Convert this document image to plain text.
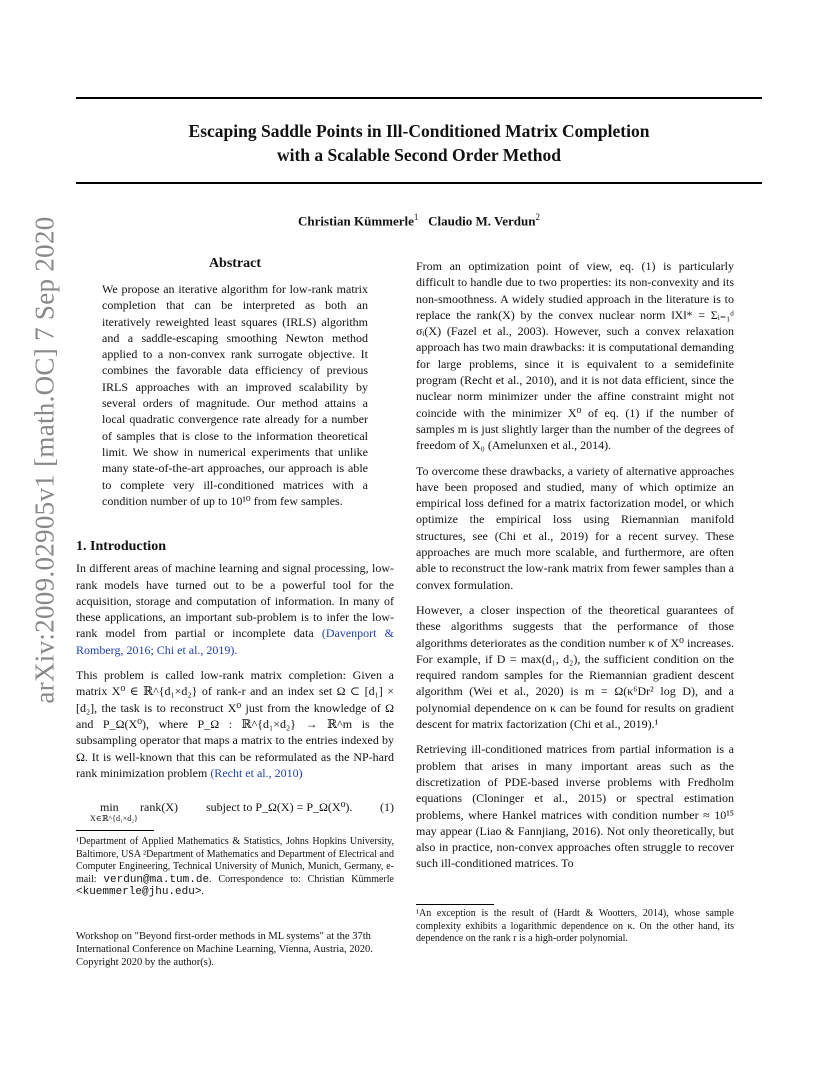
Escaping Saddle Points in Ill-Conditioned Matrix Completion
with a Scalable Second Order Method
Christian Kümmerle$^1$ Claudio M. Verdun$^2$
arXiv:2009.02905v1 [math.OC] 7 Sep 2020	Abstract
We propose an iterative algorithm for low-rank matrix completion that can be interpreted as both an iteratively reweighted least squares (IRLS) algorithm and a saddle-escaping smoothing Newton method applied to a non-convex rank surrogate objective. It combines the favorable data efficiency of previous IRLS approaches with an improved scalability by several orders of magnitude. Our method attains a local quadratic convergence rate already for a number of samples that is close to the information theoretical limit. We show in numerical experiments that unlike many state-of-the-art approaches, our approach is able to complete very ill-conditioned matrices with a condition number of up to 10¹⁰ from few samples.

1. Introduction

In different areas of machine learning and signal processing, low-rank models have turned out to be a powerful tool for the acquisition, storage and computation of information. In many of these applications, an important sub-problem is to infer the low-rank model from partial or incomplete data (Davenport & Romberg, 2016; Chi et al., 2019).

This problem is called low-rank matrix completion: Given a matrix X⁰ ∈ ℝ^{d₁×d₂} of rank-r and an index set Ω ⊂ [d₁] × [d₂], the task is to reconstruct X⁰ just from the knowledge of Ω and P_Ω(X⁰), where P_Ω : ℝ^{d₁×d₂} → ℝ^m is the subsampling operator that maps a matrix to the entries indexed by Ω. It is well-known that this can be reformulated as the NP-hard rank minimization problem (Recht et al., 2010)

min
X∈ℝ^{d₁×d₂}
rank(X) subject to P_Ω(X) = P_Ω(X⁰). (1)
¹Department of Applied Mathematics & Statistics, Johns Hopkins University, Baltimore, USA ²Department of Mathematics and Department of Electrical and Computer Engineering, Technical University of Munich, Munich, Germany, e-mail: verdun@ma.tum.de. Correspondence to: Christian Kümmerle <kuemmerle@jhu.edu>.
Workshop on "Beyond first-order methods in ML systems" at the 37th International Conference on Machine Learning, Vienna, Austria, 2020. Copyright 2020 by the author(s).

From an optimization point of view, eq. (1) is particularly difficult to handle due to two properties: its non-convexity and its non-smoothness. A widely studied approach in the literature is to replace the rank(X) by the convex nuclear norm ‖X‖* = Σᵢ₌₁ᵈ σᵢ(X) (Fazel et al., 2003). However, such a convex relaxation approach has two main drawbacks: it is computational demanding for large problems, since it is equivalent to a semidefinite program (Recht et al., 2010), and it is not data efficient, since the nuclear norm minimizer under the affine constraint might not coincide with the minimizer X⁰ of eq. (1) if the number of samples m is just slightly larger than the number of the degrees of freedom of X₀ (Amelunxen et al., 2014).

To overcome these drawbacks, a variety of alternative approaches have been proposed and studied, many of which optimize an empirical loss defined for a matrix factorization model, or which optimize the empirical loss using Riemannian manifold structures, see (Chi et al., 2019) for a recent survey. These approaches are much more scalable, and furthermore, are often able to reconstruct the low-rank matrix from fewer samples than a convex formulation.

However, a closer inspection of the theoretical guarantees of these algorithms suggests that the performance of those algorithms deteriorates as the condition number κ of X⁰ increases. For example, if D = max(d₁, d₂), the sufficient condition on the required random samples for the Riemannian gradient descent algorithm (Wei et al., 2020) is m = Ω(κ⁶Dr² log D), and a polynomial dependence on κ can be found for results on gradient descent for matrix factorization (Chi et al., 2019).¹

Retrieving ill-conditioned matrices from partial information is a problem that arises in many important areas such as the discretization of PDE-based inverse problems with Fredholm equations (Cloninger et al., 2015) or spectral estimation problems, where Hankel matrices with condition number ≈ 10¹⁵ may appear (Liao & Fannjiang, 2016). Not only theoretically, but also in practice, non-convex approaches often struggle to recover such ill-conditioned matrices. To

¹An exception is the result of (Hardt & Wootters, 2014), whose sample complexity exhibits a logarithmic dependence on κ. On the other hand, its dependence on the rank r is a high-order polynomial.
